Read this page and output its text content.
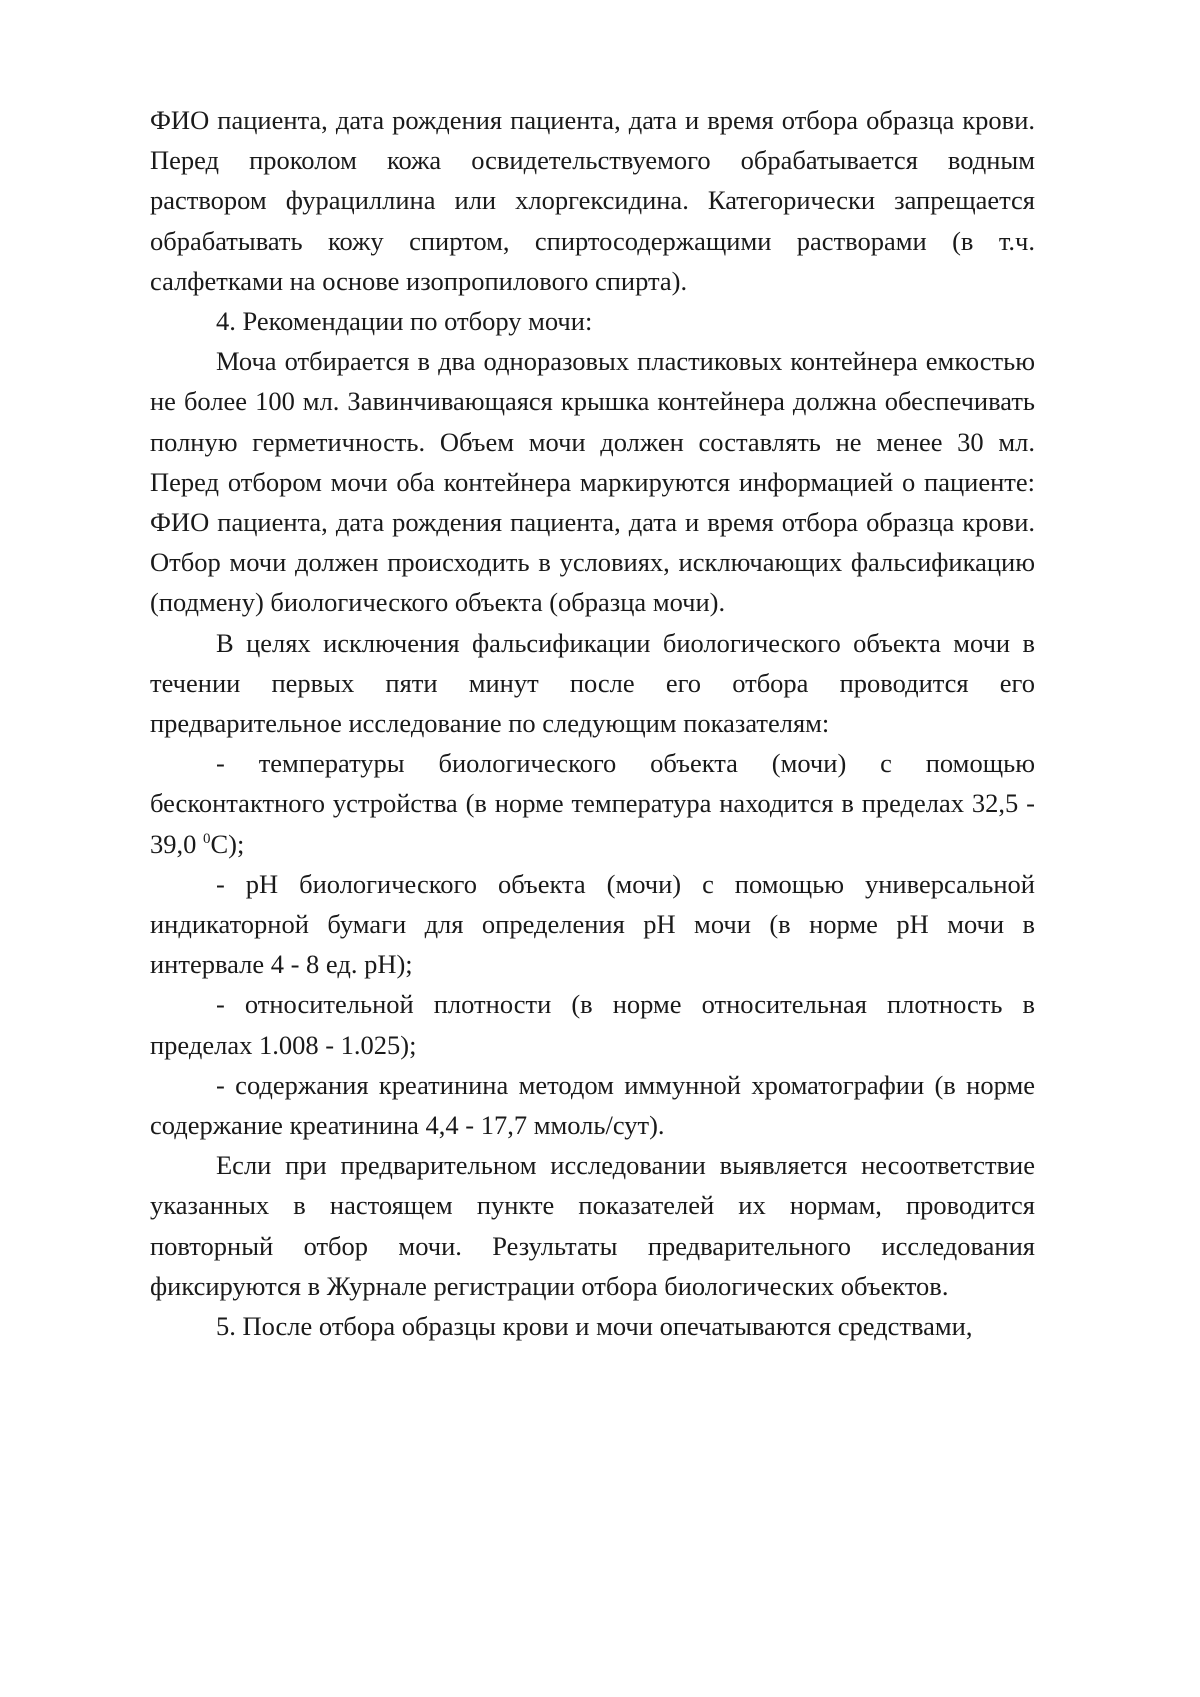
ФИО пациента, дата рождения пациента, дата и время отбора образца крови. Перед проколом кожа освидетельствуемого обрабатывается водным раствором фурациллина или хлоргексидина. Категорически запрещается обрабатывать кожу спиртом, спиртосодержащими растворами (в т.ч. салфетками на основе изопропилового спирта).

4. Рекомендации по отбору мочи:

Моча отбирается в два одноразовых пластиковых контейнера емкостью не более 100 мл. Завинчивающаяся крышка контейнера должна обеспечивать полную герметичность. Объем мочи должен составлять не менее 30 мл. Перед отбором мочи оба контейнера маркируются информацией о пациенте: ФИО пациента, дата рождения пациента, дата и время отбора образца крови. Отбор мочи должен происходить в условиях, исключающих фальсификацию (подмену) биологического объекта (образца мочи).

В целях исключения фальсификации биологического объекта мочи в течении первых пяти минут после его отбора проводится его предварительное исследование по следующим показателям:

- температуры биологического объекта (мочи) с помощью бесконтактного устройства (в норме температура находится в пределах 32,5 - 39,0 $^0$C);

- pH биологического объекта (мочи) с помощью универсальной индикаторной бумаги для определения pH мочи (в норме pH мочи в интервале 4 - 8 ед. pH);

- относительной плотности (в норме относительная плотность в пределах 1.008 - 1.025);

- содержания креатинина методом иммунной хроматографии (в норме содержание креатинина 4,4 - 17,7 ммоль/сут).

Если при предварительном исследовании выявляется несоответствие указанных в настоящем пункте показателей их нормам, проводится повторный отбор мочи. Результаты предварительного исследования фиксируются в Журнале регистрации отбора биологических объектов.

5. После отбора образцы крови и мочи опечатываются средствами,
